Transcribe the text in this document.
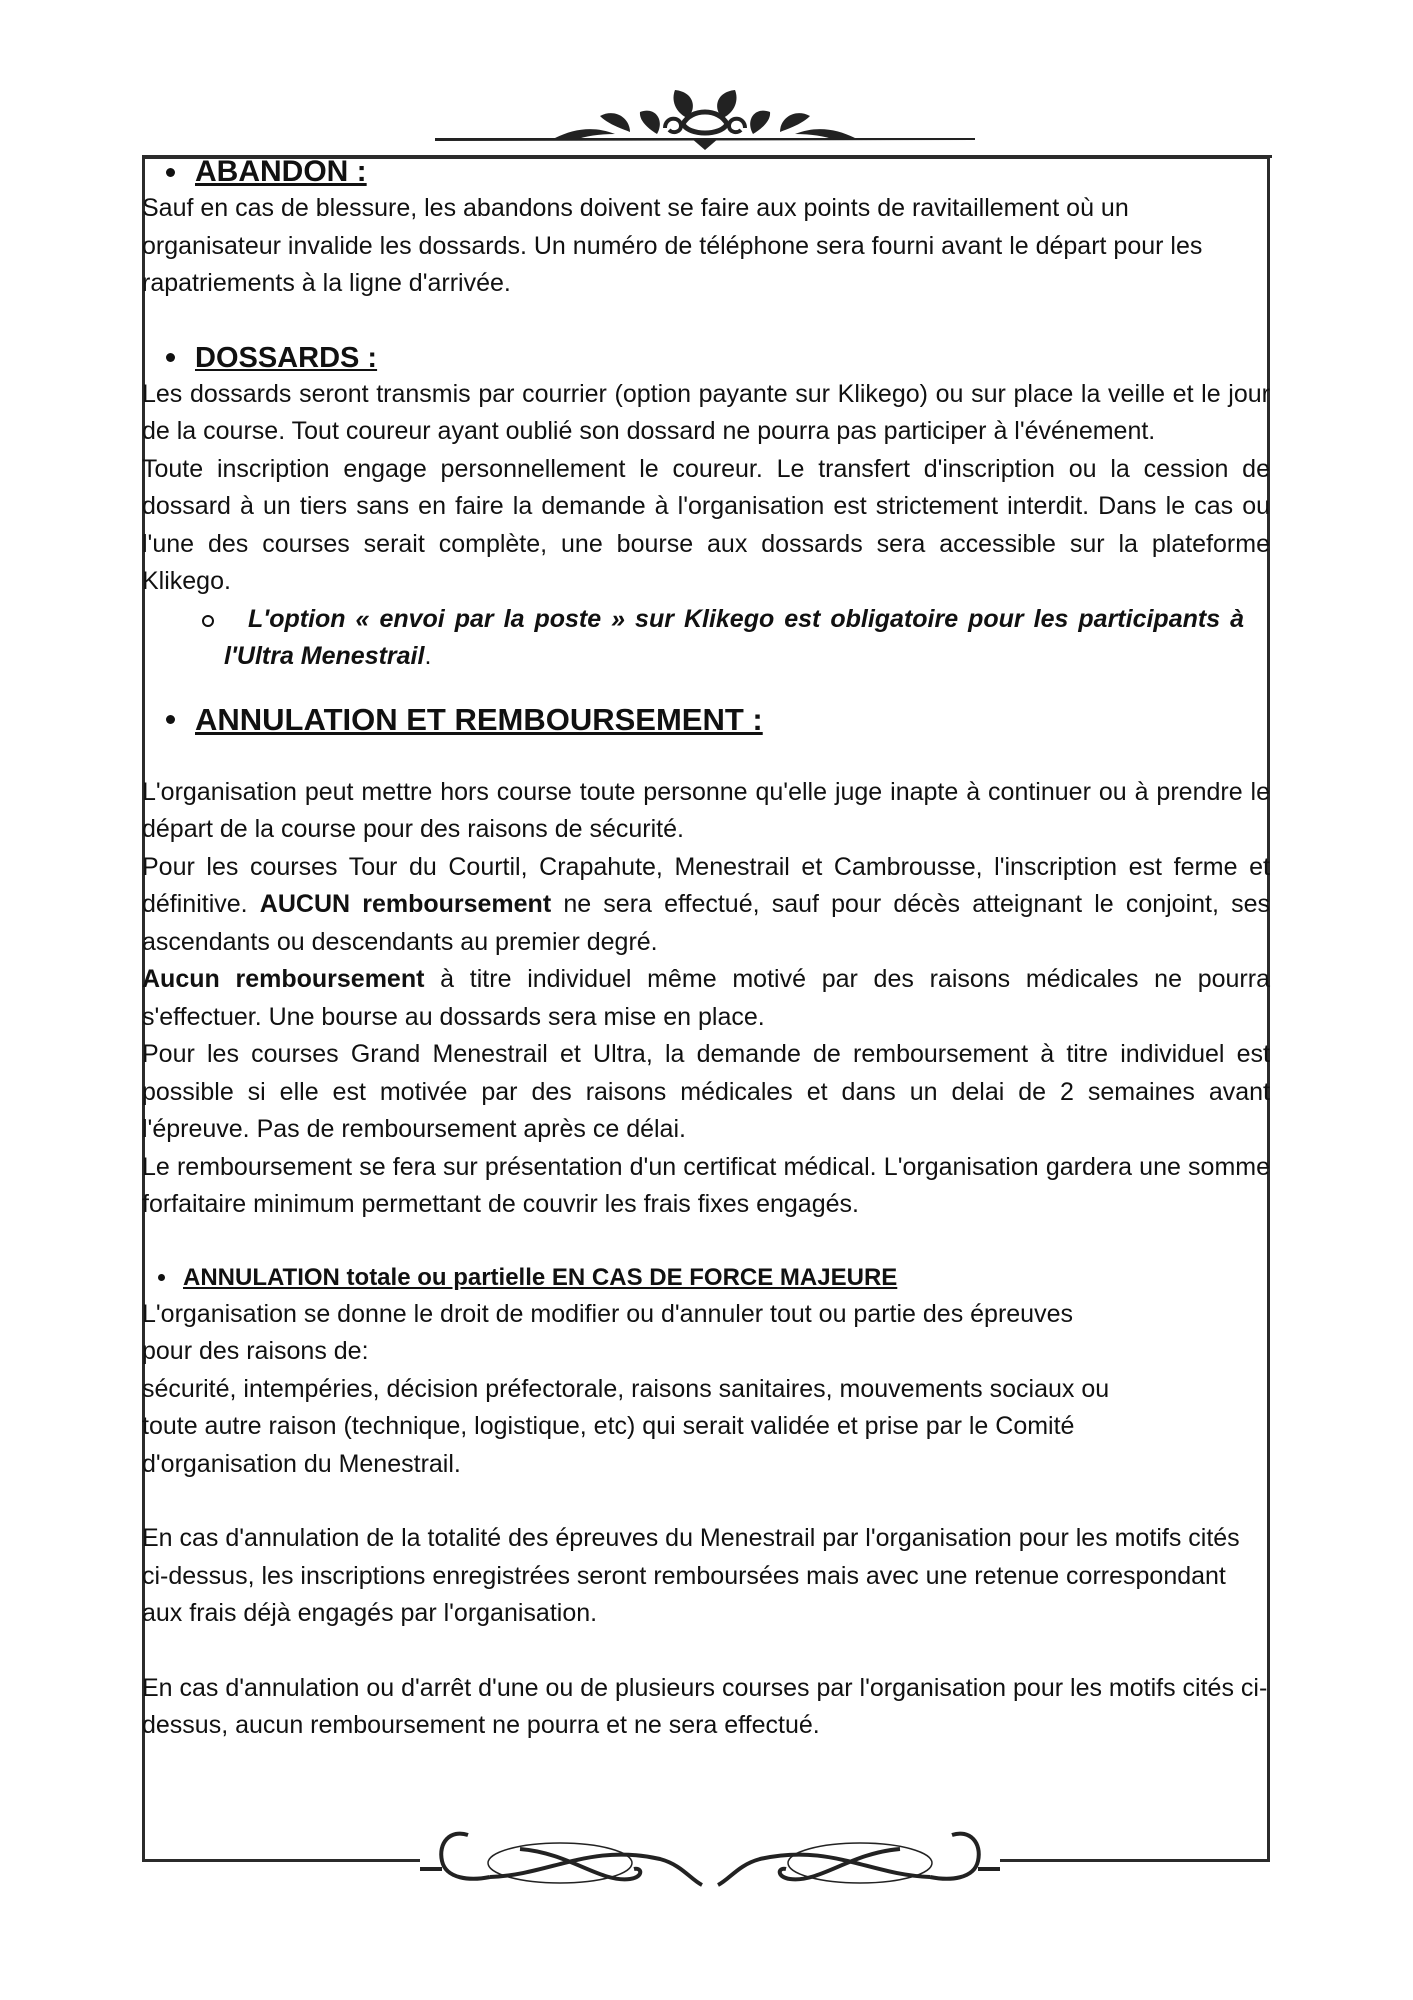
ABANDON :

Sauf en cas de blessure, les abandons doivent se faire aux points de ravitaillement où un organisateur invalide les dossards. Un numéro de téléphone sera fourni avant le départ pour les rapatriements à la ligne d'arrivée.

DOSSARDS :

Les dossards seront transmis par courrier (option payante sur Klikego) ou sur place la veille et le jour de la course. Tout coureur ayant oublié son dossard ne pourra pas participer à l'événement.

Toute inscription engage personnellement le coureur. Le transfert d'inscription ou la cession de dossard à un tiers sans en faire la demande à l'organisation est strictement interdit. Dans le cas ou l'une des courses serait complète, une bourse aux dossards sera accessible sur la plateforme Klikego.

L'option « envoi par la poste » sur Klikego est obligatoire pour les participants à l'Ultra Menestrail.
ANNULATION ET REMBOURSEMENT :

L'organisation peut mettre hors course toute personne qu'elle juge inapte à continuer ou à prendre le départ de la course pour des raisons de sécurité.

Pour les courses Tour du Courtil, Crapahute, Menestrail et Cambrousse, l'inscription est ferme et définitive. AUCUN remboursement ne sera effectué, sauf pour décès atteignant le conjoint, ses ascendants ou descendants au premier degré.

Aucun remboursement à titre individuel même motivé par des raisons médicales ne pourra s'effectuer. Une bourse au dossards sera mise en place.

Pour les courses Grand Menestrail et Ultra, la demande de remboursement à titre individuel est possible si elle est motivée par des raisons médicales et dans un delai de 2 semaines avant l'épreuve. Pas de remboursement après ce délai.

Le remboursement se fera sur présentation d'un certificat médical. L'organisation gardera une somme forfaitaire minimum permettant de couvrir les frais fixes engagés.

ANNULATION totale ou partielle EN CAS DE FORCE MAJEURE

L'organisation se donne le droit de modifier ou d'annuler tout ou partie des épreuves

pour des raisons de:

sécurité, intempéries, décision préfectorale, raisons sanitaires, mouvements sociaux ou

toute autre raison (technique, logistique, etc) qui serait validée et prise par le Comité

d'organisation du Menestrail.

En cas d'annulation de la totalité des épreuves du Menestrail par l'organisation pour les motifs cités ci-dessus, les inscriptions enregistrées seront remboursées mais avec une retenue correspondant aux frais déjà engagés par l'organisation.

En cas d'annulation ou d'arrêt d'une ou de plusieurs courses par l'organisation pour les motifs cités ci-dessus, aucun remboursement ne pourra et ne sera effectué.
